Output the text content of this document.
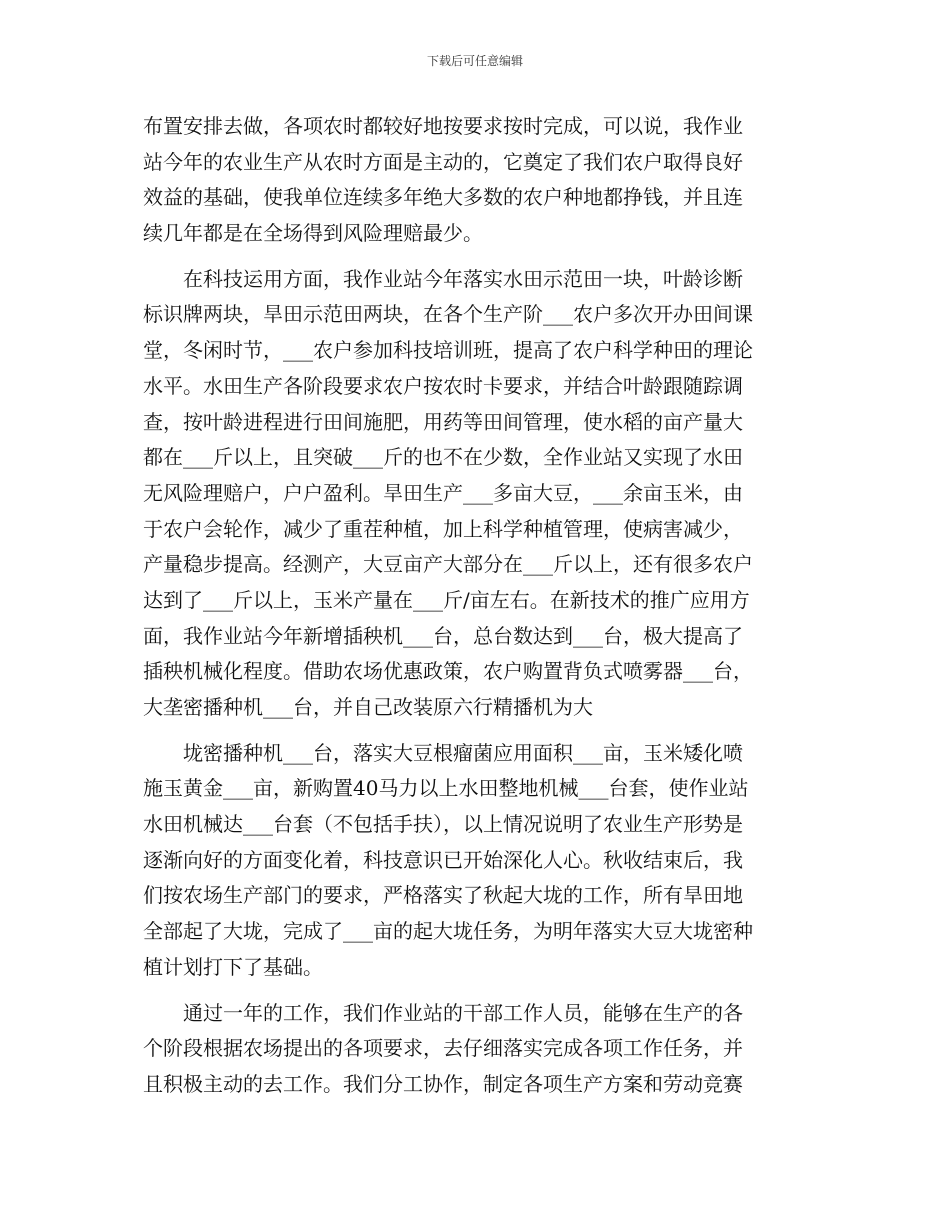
下载后可任意编辑
布置安排去做，各项农时都较好地按要求按时完成，可以说，我作业
站今年的农业生产从农时方面是主动的，它奠定了我们农户取得良好
效益的基础，使我单位连续多年绝大多数的农户种地都挣钱，并且连
续几年都是在全场得到风险理赔最少。
　　在科技运用方面，我作业站今年落实水田示范田一块，叶龄诊断
标识牌两块，旱田示范田两块，在各个生产阶___农户多次开办田间课
堂，冬闲时节，___农户参加科技培训班，提高了农户科学种田的理论
水平。水田生产各阶段要求农户按农时卡要求，并结合叶龄跟随踪调
查，按叶龄进程进行田间施肥，用药等田间管理，使水稻的亩产量大
都在___斤以上，且突破___斤的也不在少数，全作业站又实现了水田
无风险理赔户，户户盈利。旱田生产___多亩大豆，___余亩玉米，由
于农户会轮作，减少了重茬种植，加上科学种植管理，使病害减少，
产量稳步提高。经测产，大豆亩产大部分在___斤以上，还有很多农户
达到了___斤以上，玉米产量在___斤/亩左右。在新技术的推广应用方
面，我作业站今年新增插秧机___台，总台数达到___台，极大提高了
插秧机械化程度。借助农场优惠政策，农户购置背负式喷雾器___台，
大垄密播种机___台，并自己改装原六行精播机为大
　　垅密播种机___台，落实大豆根瘤菌应用面积___亩，玉米矮化喷
施玉黄金___亩，新购置40马力以上水田整地机械___台套，使作业站
水田机械达___台套（不包括手扶），以上情况说明了农业生产形势是
逐渐向好的方面变化着，科技意识已开始深化人心。秋收结束后，我
们按农场生产部门的要求，严格落实了秋起大垅的工作，所有旱田地
全部起了大垅，完成了___亩的起大垅任务，为明年落实大豆大垅密种
植计划打下了基础。
　　通过一年的工作，我们作业站的干部工作人员，能够在生产的各
个阶段根据农场提出的各项要求，去仔细落实完成各项工作任务，并
且积极主动的去工作。我们分工协作，制定各项生产方案和劳动竞赛
